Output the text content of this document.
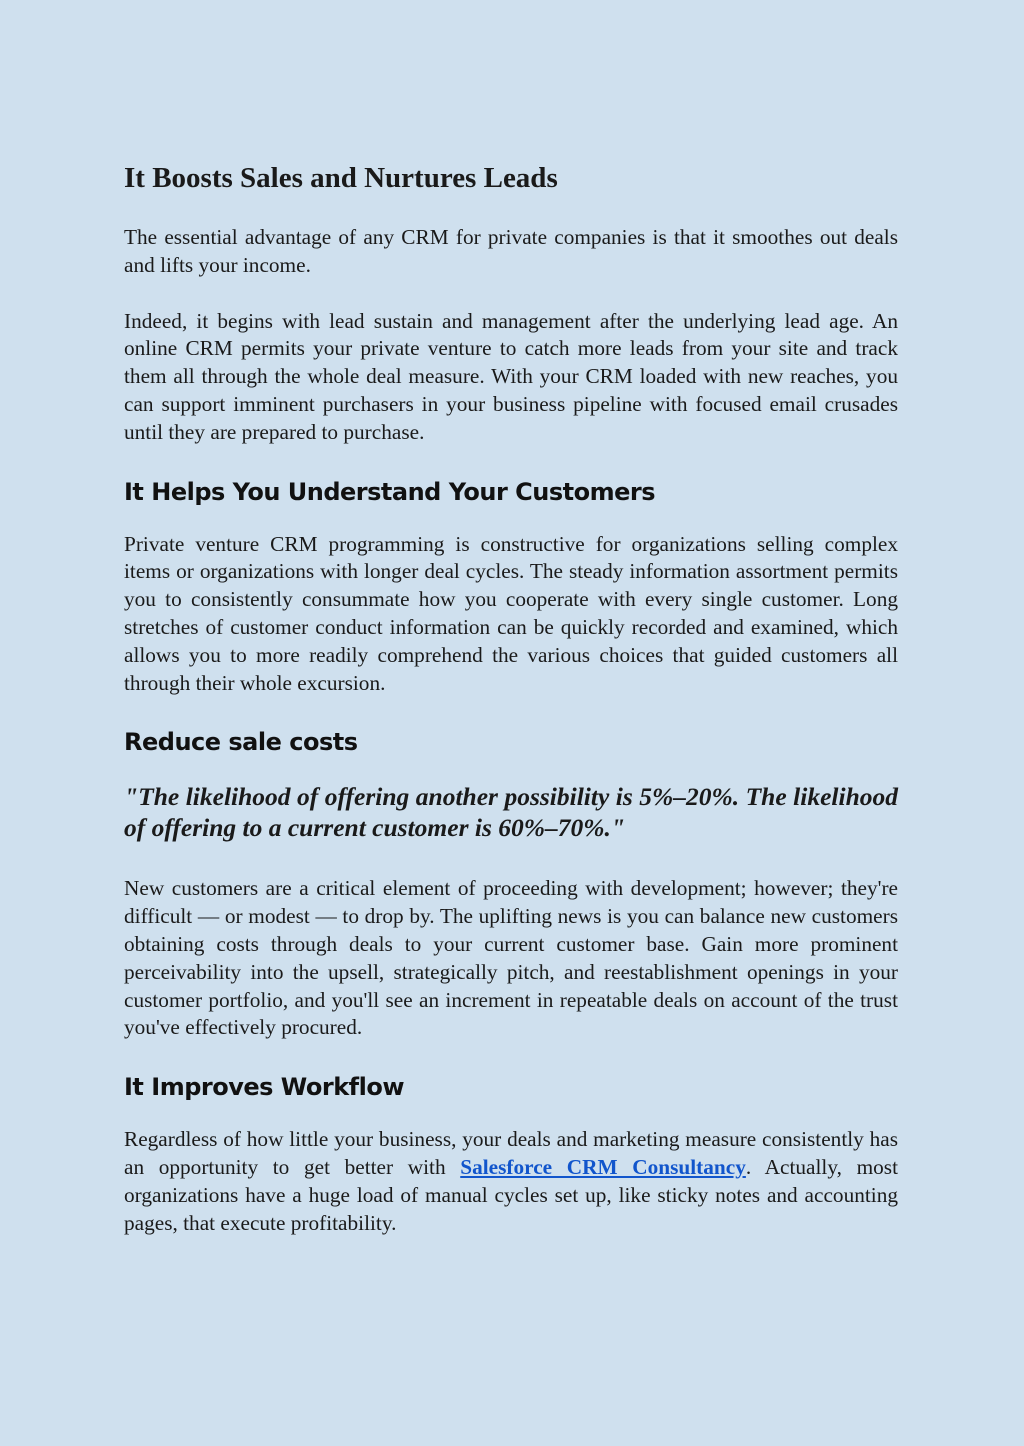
It Boosts Sales and Nurtures Leads

The essential advantage of any CRM for private companies is that it smoothes out deals and lifts your income.

Indeed, it begins with lead sustain and management after the underlying lead age. An online CRM permits your private venture to catch more leads from your site and track them all through the whole deal measure. With your CRM loaded with new reaches, you can support imminent purchasers in your business pipeline with focused email crusades until they are prepared to purchase.

It Helps You Understand Your Customers

Private venture CRM programming is constructive for organizations selling complex items or organizations with longer deal cycles. The steady information assortment permits you to consistently consummate how you cooperate with every single customer. Long stretches of customer conduct information can be quickly recorded and examined, which allows you to more readily comprehend the various choices that guided customers all through their whole excursion.

Reduce sale costs

"The likelihood of offering another possibility is 5%–20%. The likelihood of offering to a current customer is 60%–70%."

New customers are a critical element of proceeding with development; however; they're difficult — or modest — to drop by. The uplifting news is you can balance new customers obtaining costs through deals to your current customer base. Gain more prominent perceivability into the upsell, strategically pitch, and reestablishment openings in your customer portfolio, and you'll see an increment in repeatable deals on account of the trust you've effectively procured.

It Improves Workflow

Regardless of how little your business, your deals and marketing measure consistently has an opportunity to get better with Salesforce CRM Consultancy. Actually, most organizations have a huge load of manual cycles set up, like sticky notes and accounting pages, that execute profitability.
